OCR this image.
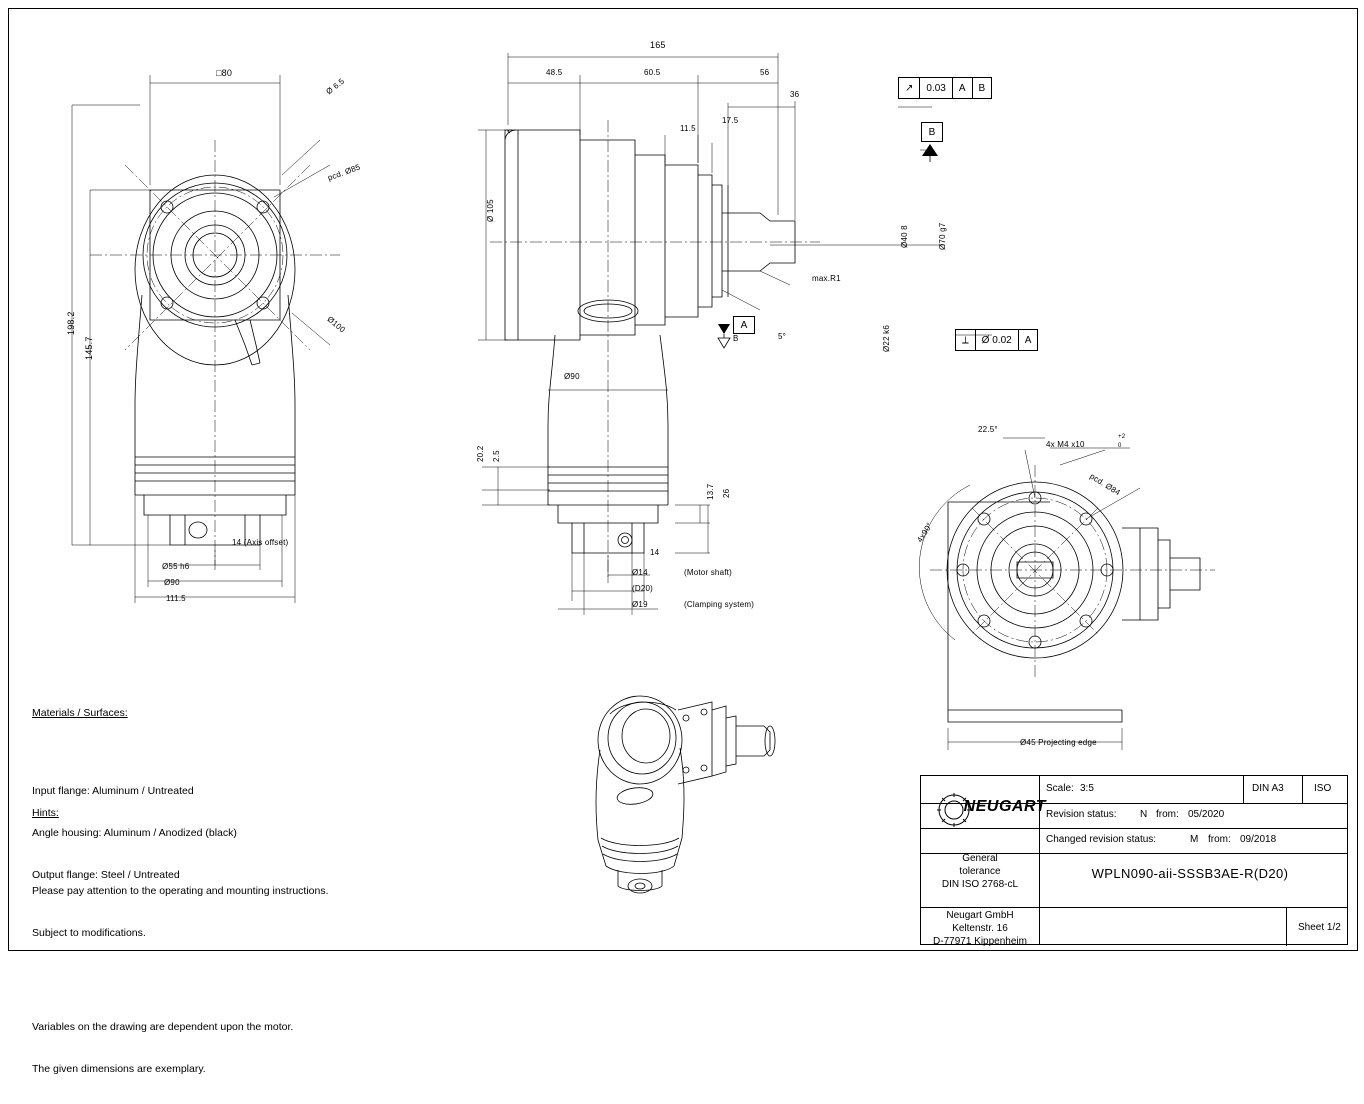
□80
Ø 6.5
pcd. Ø85
Ø100
198.2
145.7
14 (Axis offset)
Ø55 h6
Ø90
111.5
165
48.5	60.5	56
36
11.5
17.5
Ø 105
Ø40 8	Ø70 g7
Ø22 k6
max.R1
5°
Ø90
20.2 2.5
13.7 26
14
Ø14	(Motor shaft)
(D20)
Ø19	(Clamping system)
A
B
B
↗	0.03	A	B
⟂	Ø 0.02	A
22.5°
4x90°
4x M4 x10
+2
0
pcd. Ø84
Ø45 Projecting edge

Materials / Surfaces:

Input flange: Aluminum / Untreated

Angle housing: Aluminum / Anodized (black)

Output flange: Steel / Untreated

Hints:

Please pay attention to the operating and mounting instructions.

Subject to modifications.

Variables on the drawing are dependent upon the motor.

The given dimensions are exemplary.

NEUGART
Scale: 3:5	DIN A3	ISO
Revision status: N from: 05/2020
Changed revision status:	M from: 09/2018
General
tolerance
DIN ISO 2768-cL
WPLN090-aii-SSSB3AE-R(D20)
Neugart GmbH
Keltenstr. 16
D-77971 Kippenheim
Sheet 1/2
